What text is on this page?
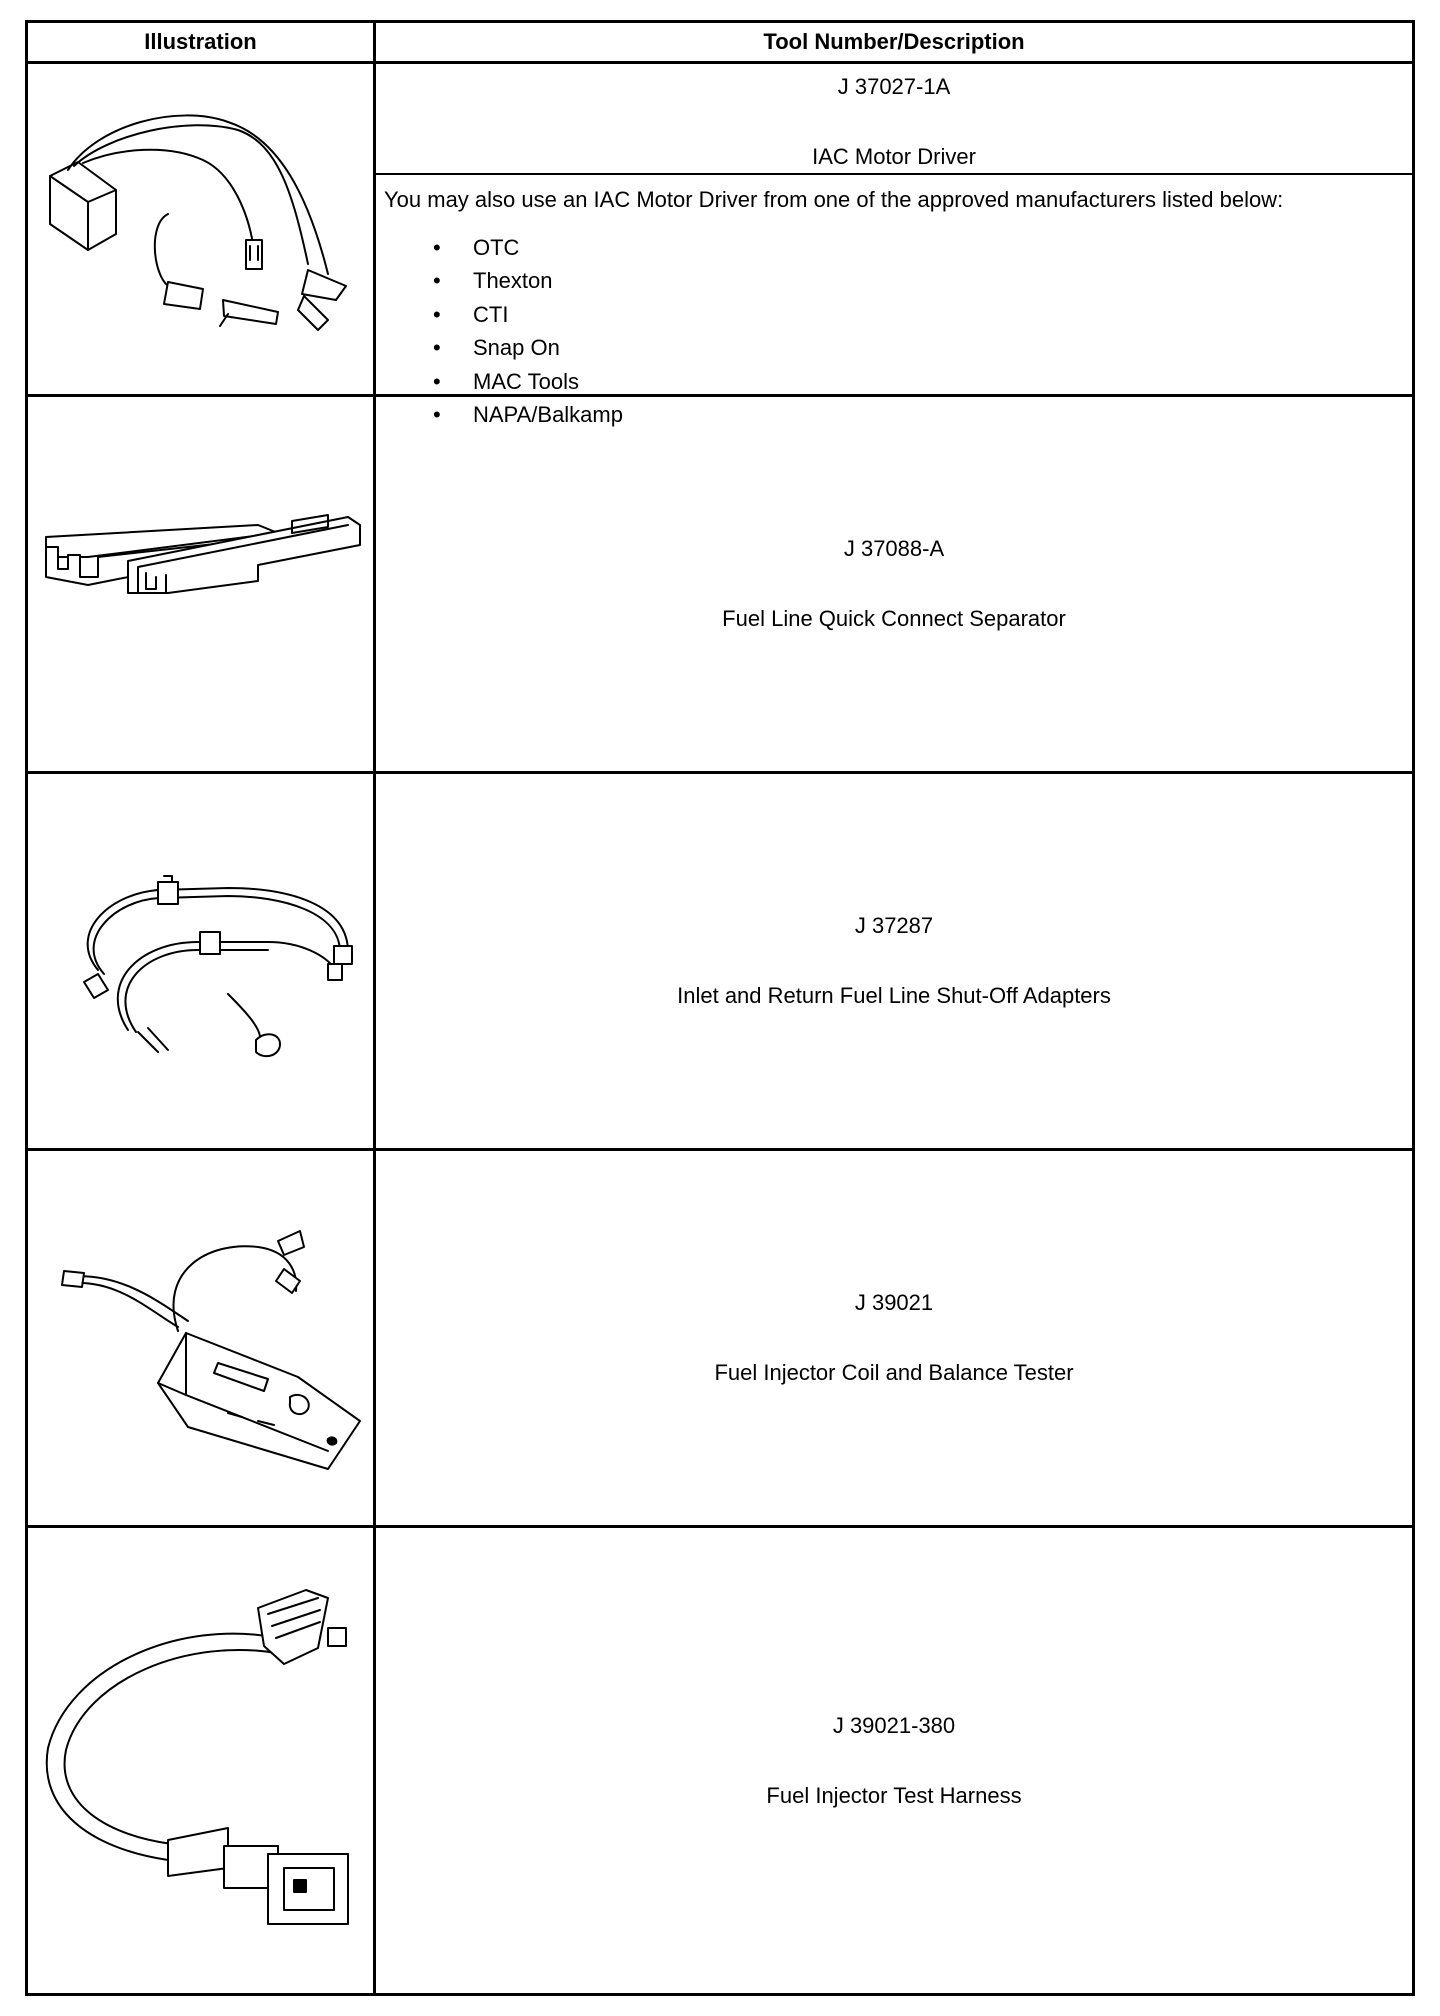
Illustration	Tool Number/Description
J 37027-1A
IAC Motor Driver
You may also use an IAC Motor Driver from one of the approved manufacturers listed below:
• OTC
• Thexton
• CTI
• Snap On
• MAC Tools
• NAPA/Balkamp
J 37088-A
Fuel Line Quick Connect Separator
J 37287
Inlet and Return Fuel Line Shut-Off Adapters
J 39021
Fuel Injector Coil and Balance Tester
J 39021-380
Fuel Injector Test Harness
